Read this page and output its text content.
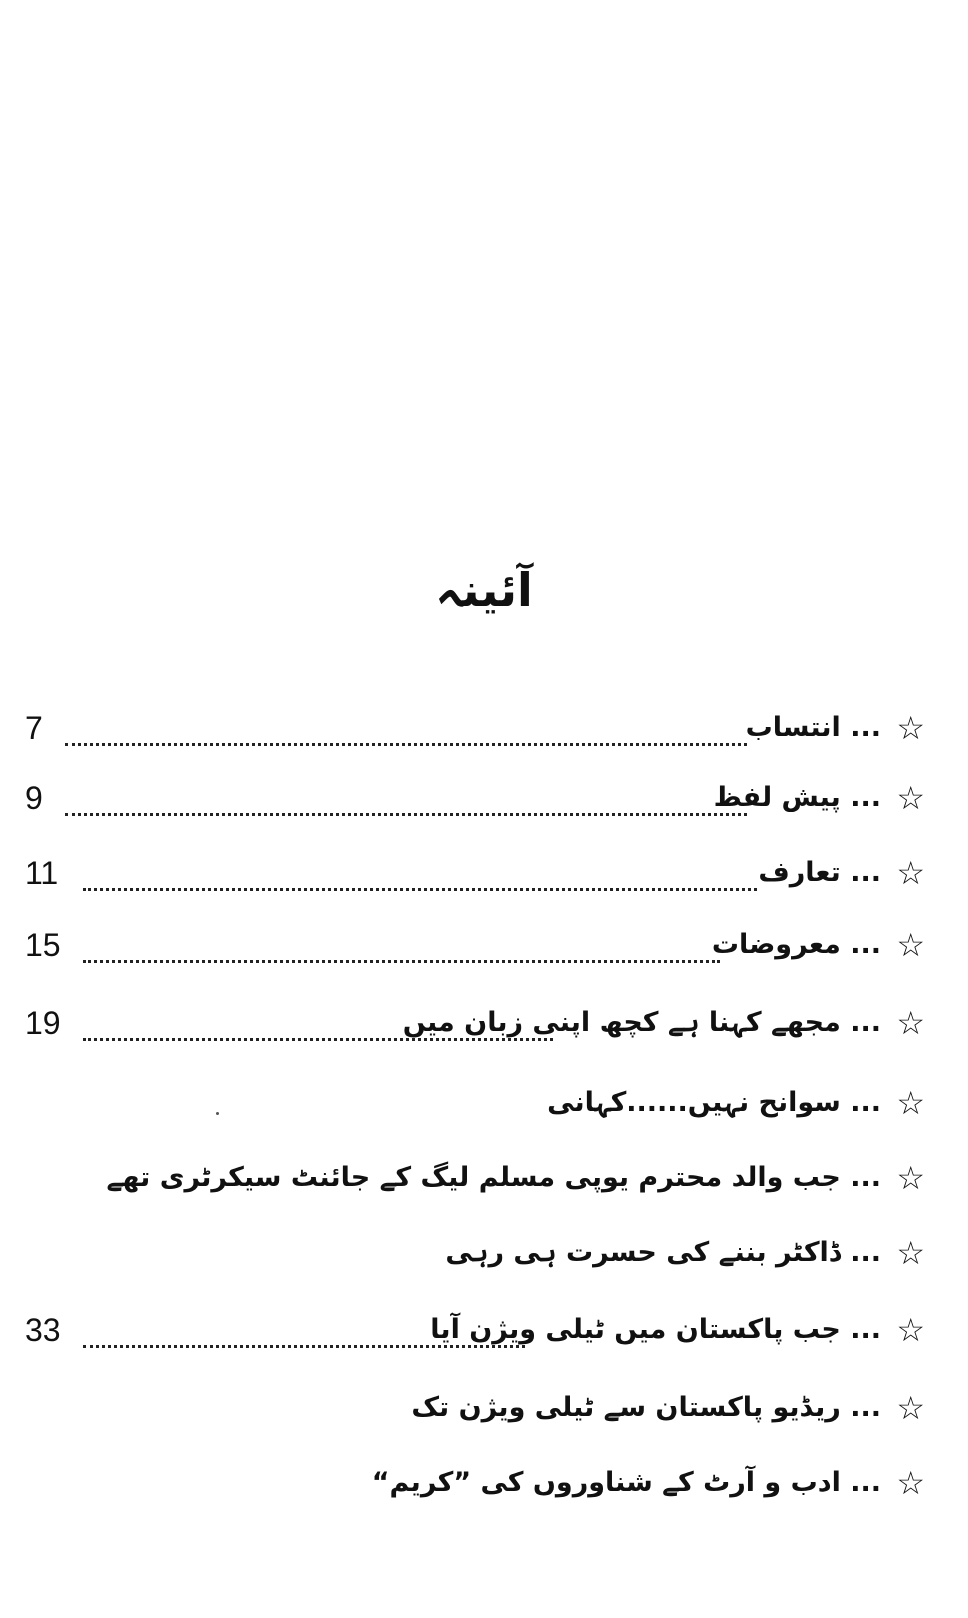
آئینہ
☆
... انتساب
7
☆
... پیش لفظ
9
☆
... تعارف
11
☆
... معروضات
15
☆
... مجھے کہنا ہے کچھ اپنی زبان میں
19
☆
... سوانح نہیں......کہانی
☆
... جب والد محترم یوپی مسلم لیگ کے جائنٹ سیکرٹری تھے
☆
... ڈاکٹر بننے کی حسرت ہی رہی
☆
... جب پاکستان میں ٹیلی ویژن آیا
33
☆
... ریڈیو پاکستان سے ٹیلی ویژن تک
☆
... ادب و آرٹ کے شناوروں کی ”کریم“
